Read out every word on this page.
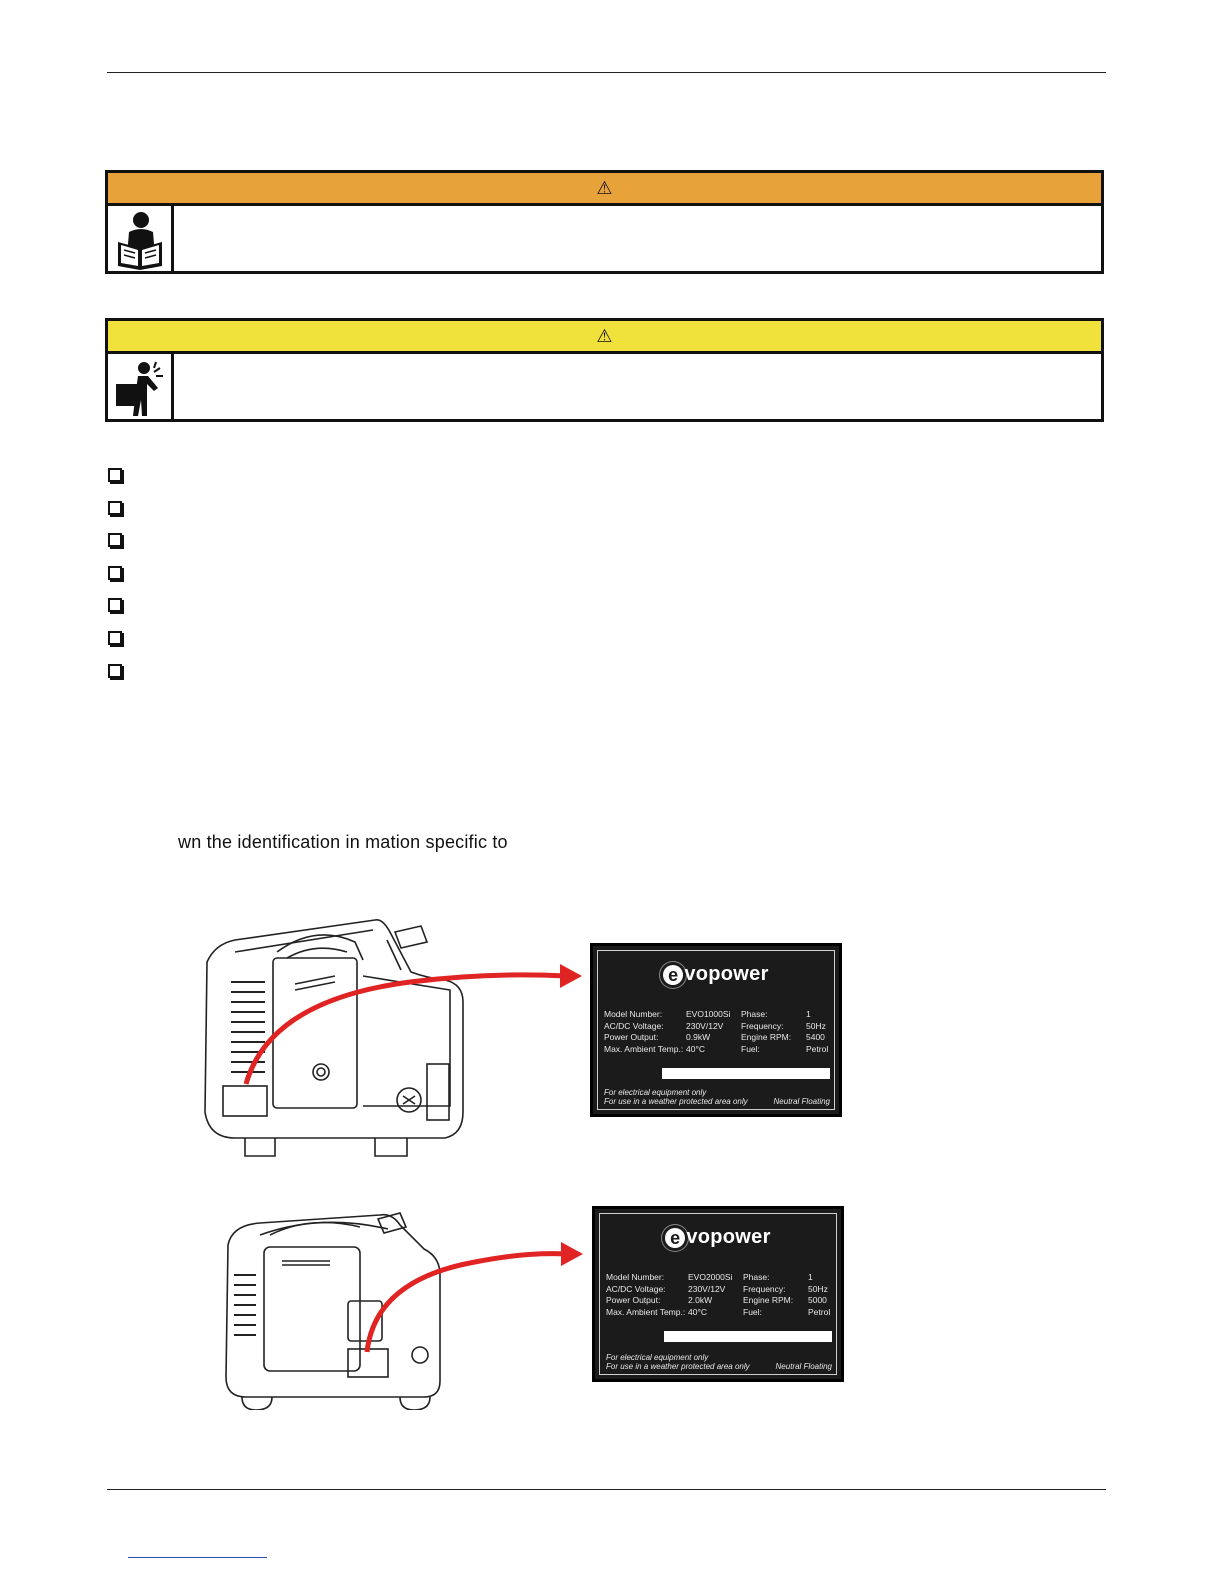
⚠
⚠
wn the identification in mation specific to
e vopower
Model Number:	EVO1000Si	Phase:	1
AC/DC Voltage:	230V/12V	Frequency:	50Hz
Power Output:	0.9kW	Engine RPM:	5400
Max. Ambient Temp.:	40°C	Fuel:	Petrol
For electrical equipment only
For use in a weather protected area only	Neutral Floating
e vopower
Model Number:	EVO2000Si	Phase:	1
AC/DC Voltage:	230V/12V	Frequency:	50Hz
Power Output:	2.0kW	Engine RPM:	5000
Max. Ambient Temp.:	40°C	Fuel:	Petrol
For electrical equipment only
For use in a weather protected area only	Neutral Floating
